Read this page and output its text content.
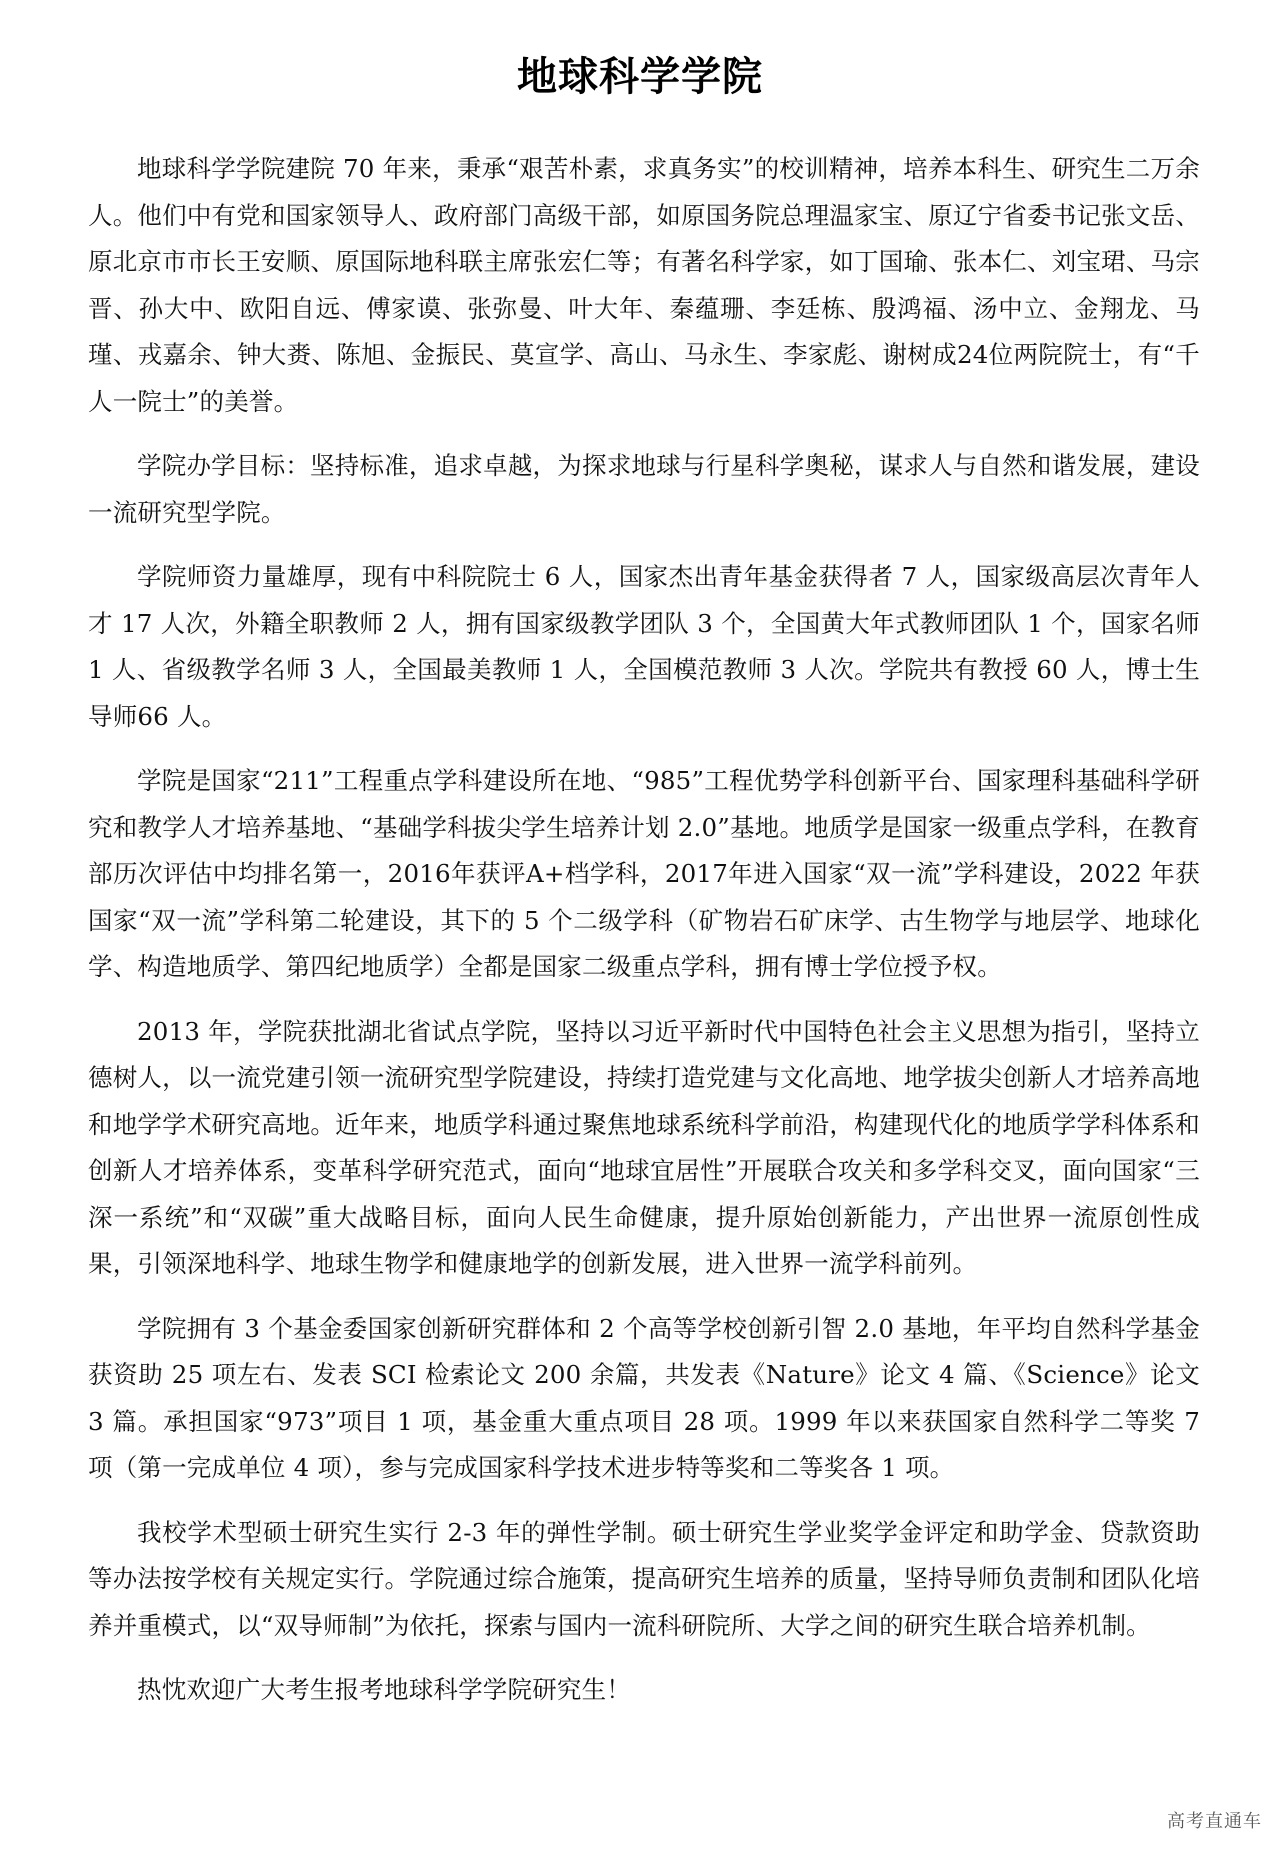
地球科学学院

地球科学学院建院 70 年来，秉承“艰苦朴素，求真务实”的校训精神，培养本科生、研究生二万余人。他们中有党和国家领导人、政府部门高级干部，如原国务院总理温家宝、原辽宁省委书记张文岳、原北京市市长王安顺、原国际地科联主席张宏仁等；有著名科学家，如丁国瑜、张本仁、刘宝珺、马宗晋、孙大中、欧阳自远、傅家谟、张弥曼、叶大年、秦蕴珊、李廷栋、殷鸿福、汤中立、金翔龙、马瑾、戎嘉余、钟大赉、陈旭、金振民、莫宣学、高山、马永生、李家彪、谢树成24位两院院士，有“千人一院士”的美誉。

学院办学目标：坚持标准，追求卓越，为探求地球与行星科学奥秘，谋求人与自然和谐发展，建设一流研究型学院。

学院师资力量雄厚，现有中科院院士 6 人，国家杰出青年基金获得者 7 人，国家级高层次青年人才 17 人次，外籍全职教师 2 人，拥有国家级教学团队 3 个，全国黄大年式教师团队 1 个，国家名师 1 人、省级教学名师 3 人，全国最美教师 1 人，全国模范教师 3 人次。学院共有教授 60 人，博士生导师66 人。

学院是国家“211”工程重点学科建设所在地、“985”工程优势学科创新平台、国家理科基础科学研究和教学人才培养基地、“基础学科拔尖学生培养计划 2.0”基地。地质学是国家一级重点学科，在教育部历次评估中均排名第一，2016年获评A+档学科，2017年进入国家“双一流”学科建设，2022 年获国家“双一流”学科第二轮建设，其下的 5 个二级学科（矿物岩石矿床学、古生物学与地层学、地球化学、构造地质学、第四纪地质学）全都是国家二级重点学科，拥有博士学位授予权。

2013 年，学院获批湖北省试点学院，坚持以习近平新时代中国特色社会主义思想为指引，坚持立德树人，以一流党建引领一流研究型学院建设，持续打造党建与文化高地、地学拔尖创新人才培养高地和地学学术研究高地。近年来，地质学科通过聚焦地球系统科学前沿，构建现代化的地质学学科体系和创新人才培养体系，变革科学研究范式，面向“地球宜居性”开展联合攻关和多学科交叉，面向国家“三深一系统”和“双碳”重大战略目标，面向人民生命健康，提升原始创新能力，产出世界一流原创性成果，引领深地科学、地球生物学和健康地学的创新发展，进入世界一流学科前列。

学院拥有 3 个基金委国家创新研究群体和 2 个高等学校创新引智 2.0 基地，年平均自然科学基金获资助 25 项左右、发表 SCI 检索论文 200 余篇，共发表《Nature》论文 4 篇、《Science》论文 3 篇。承担国家“973”项目 1 项，基金重大重点项目 28 项。1999 年以来获国家自然科学二等奖 7 项（第一完成单位 4 项），参与完成国家科学技术进步特等奖和二等奖各 1 项。

我校学术型硕士研究生实行 2-3 年的弹性学制。硕士研究生学业奖学金评定和助学金、贷款资助等办法按学校有关规定实行。学院通过综合施策，提高研究生培养的质量，坚持导师负责制和团队化培养并重模式，以“双导师制”为依托，探索与国内一流科研院所、大学之间的研究生联合培养机制。

热忱欢迎广大考生报考地球科学学院研究生！

高考直通车
